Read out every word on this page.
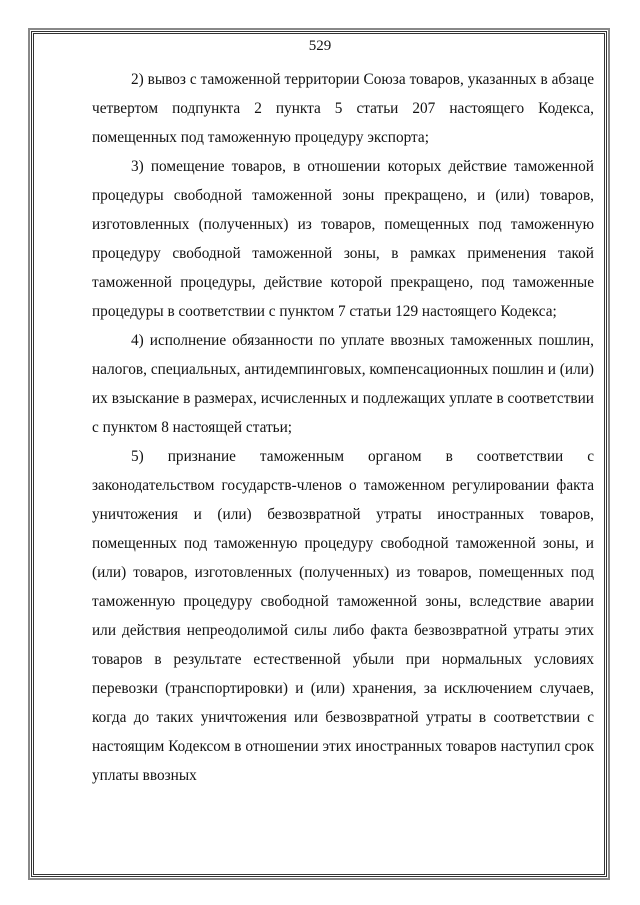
529

2) вывоз с таможенной территории Союза товаров, указанных в абзаце четвертом подпункта 2 пункта 5 статьи 207 настоящего Кодекса, помещенных под таможенную процедуру экспорта;

3) помещение товаров, в отношении которых действие таможенной процедуры свободной таможенной зоны прекращено, и (или) товаров, изготовленных (полученных) из товаров, помещенных под таможенную процедуру свободной таможенной зоны, в рамках применения такой таможенной процедуры, действие которой прекращено, под таможенные процедуры в соответствии с пунктом 7 статьи 129 настоящего Кодекса;

4) исполнение обязанности по уплате ввозных таможенных пошлин, налогов, специальных, антидемпинговых, компенсационных пошлин и (или) их взыскание в размерах, исчисленных и подлежащих уплате в соответствии с пунктом 8 настоящей статьи;

5) признание таможенным органом в соответствии с законодательством государств-членов о таможенном регулировании факта уничтожения и (или) безвозвратной утраты иностранных товаров, помещенных под таможенную процедуру свободной таможенной зоны, и (или) товаров, изготовленных (полученных) из товаров, помещенных под таможенную процедуру свободной таможенной зоны, вследствие аварии или действия непреодолимой силы либо факта безвозвратной утраты этих товаров в результате естественной убыли при нормальных условиях перевозки (транспортировки) и (или) хранения, за исключением случаев, когда до таких уничтожения или безвозвратной утраты в соответствии с настоящим Кодексом в отношении этих иностранных товаров наступил срок уплаты ввозных
